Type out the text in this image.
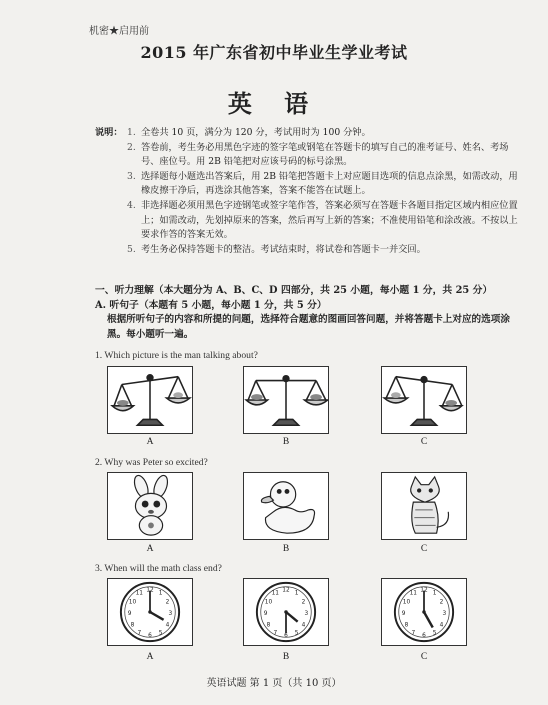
机密★启用前
2015 年广东省初中毕业生学业考试
英 语
说明： 1. 全卷共 10 页，满分为 120 分，考试用时为 100 分钟。
2. 答卷前，考生务必用黑色字迹的签字笔或钢笔在答题卡的填写自己的准考证号、姓名、考场号、座位号。用 2B 铅笔把对应该号码的标号涂黑。
3. 选择题每小题选出答案后，用 2B 铅笔把答题卡上对应题目选项的信息点涂黑，如需改动，用橡皮擦干净后，再选涂其他答案，答案不能答在试题上。
4. 非选择题必须用黑色字迹钢笔或签字笔作答，答案必须写在答题卡各题目指定区域内相应位置上；如需改动，先划掉原来的答案，然后再写上新的答案；不准使用铅笔和涂改液。不按以上要求作答的答案无效。
5. 考生务必保持答题卡的整洁。考试结束时，将试卷和答题卡一并交回。
一、听力理解（本大题分为 A、B、C、D 四部分，共 25 小题，每小题 1 分，共 25 分）
A. 听句子（本题有 5 小题，每小题 1 分，共 5 分）
根据所听句子的内容和所提的问题，选择符合题意的图画回答问题，并将答题卡上对应的选项涂黑。每小题听一遍。
1. Which picture is the man talking about?
A	B	C
2. Why was Peter so excited?
A	B	C
3. When will the math class end?
12
3
6
9
1
2
4
5
7
8
10
11
A
12
3
6
9
1
2
4
5
7
8
10
11
B
12
3
6
9
1
2
4
5
7
8
10
11
C
英语试题 第 1 页（共 10 页）
